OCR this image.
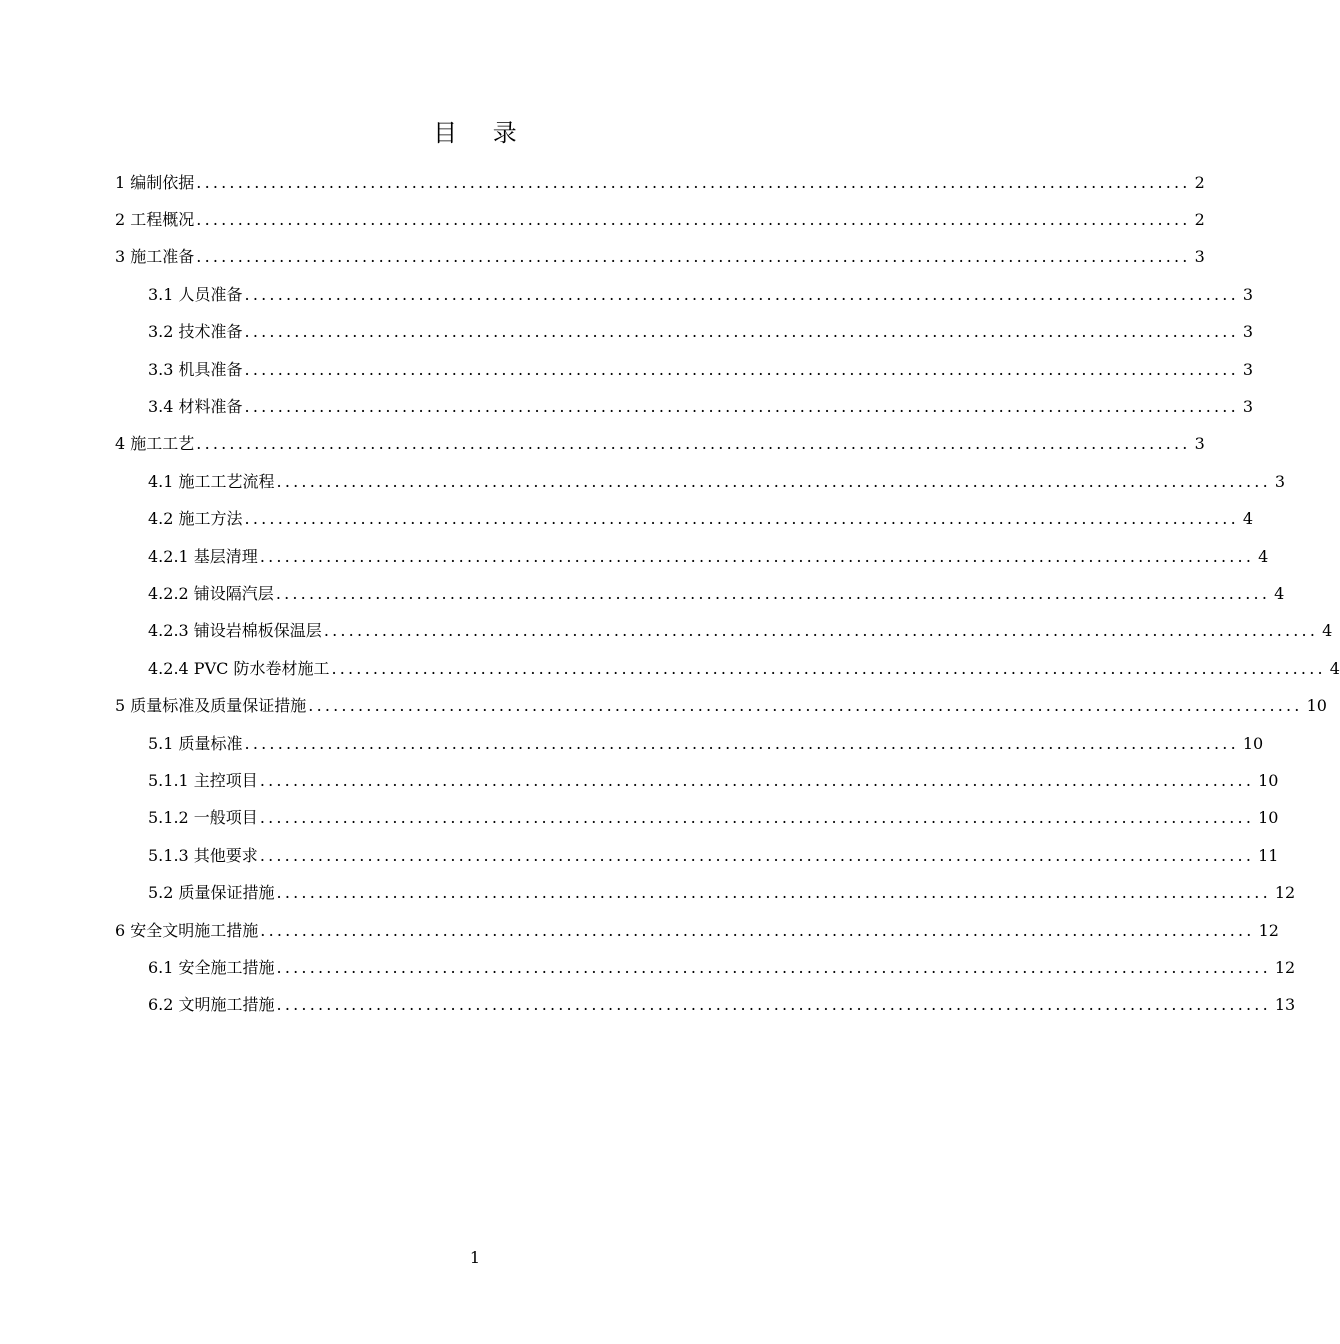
目 录
1 编制依据 ........................................................................................................................ 2
2 工程概况 ........................................................................................................................ 2
3 施工准备 ........................................................................................................................ 3
3.1 人员准备 ........................................................................................................................ 3
3.2 技术准备 ........................................................................................................................ 3
3.3 机具准备 ........................................................................................................................ 3
3.4 材料准备 ........................................................................................................................ 3
4 施工工艺 ........................................................................................................................ 3
4.1 施工工艺流程 ........................................................................................................................ 3
4.2 施工方法 ........................................................................................................................ 4
4.2.1 基层清理 ........................................................................................................................ 4
4.2.2 铺设隔汽层 ........................................................................................................................ 4
4.2.3 铺设岩棉板保温层 ........................................................................................................................ 4
4.2.4 PVC 防水卷材施工 ........................................................................................................................ 4
5 质量标准及质量保证措施 ........................................................................................................................ 10
5.1 质量标准 ........................................................................................................................ 10
5.1.1 主控项目 ........................................................................................................................ 10
5.1.2 一般项目 ........................................................................................................................ 10
5.1.3 其他要求 ........................................................................................................................ 11
5.2 质量保证措施 ........................................................................................................................ 12
6 安全文明施工措施 ........................................................................................................................ 12
6.1 安全施工措施 ........................................................................................................................ 12
6.2 文明施工措施 ........................................................................................................................ 13
1
